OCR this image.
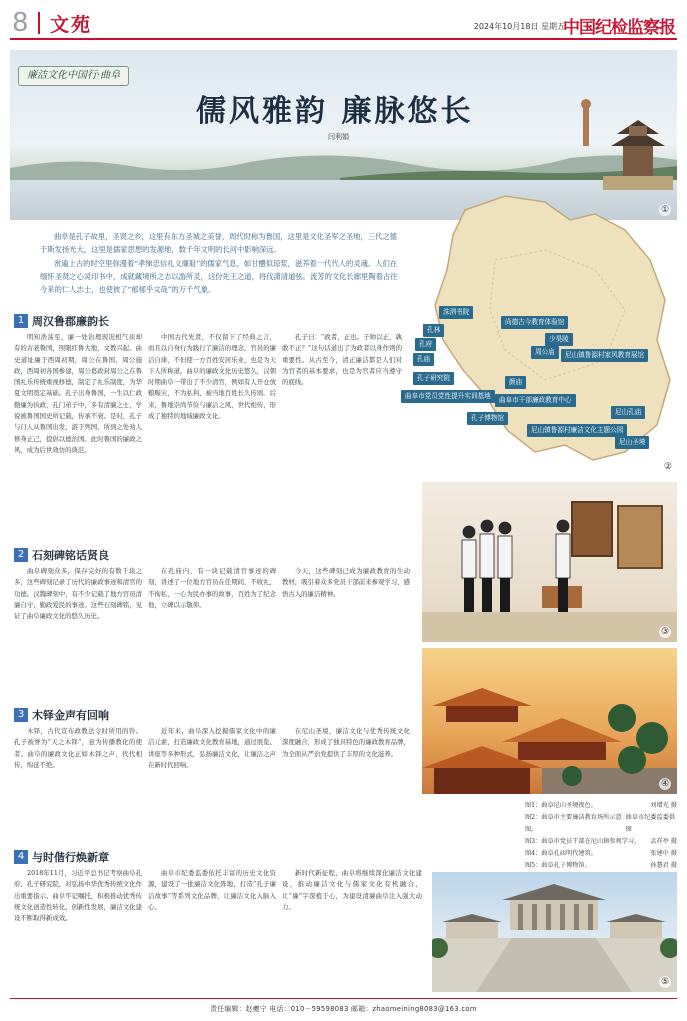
8 文苑	2024年10月18日 星期五
中国纪检监察报
廉洁文化中国行·曲阜
儒风雅韵 廉脉悠长
闫利娟
①

曲阜是孔子故里，圣贤之乡，这里有东方圣城之美誉，周代时称为鲁国，这里是文化圣军之圣地，三代之德于斯发扬光大，这里是儒家思想的发源地，数千年文明的长河中影响深远。

赏遍上古的时空里弥漫着“孝悌忠信礼义廉耻”的儒家气息，如甘醴似琼浆，滋养着一代代人的灵魂。人们在缅怀圣贤之心灵印书中，成就藏境所之志以游所灵，这份先王之道，将伐潇清道弦。流芳的文化长廊里陶着古往今来的仁人志士，也使彼了“郁郁乎文哉”的万千气象。

洙泗书院
孔林
孔府
孔庙
孔子研究院
曲阜市党员党性提升实训基地
尚德古今教育体验馆
少昊陵
周公庙	尼山镇鲁源村家风教育展馆
颜庙
曲阜市干部廉政教育中心
孔子博物馆
尼山孔庙
尼山镇鲁源村廉洁文化主题公园
尼山圣境
②
1 周汉鲁郡廉韵长

明知浩荡至，廉一处治理现况相气质却有的古老鲁国，照眼红鲁大地，文教兴起。曲史道址廉于西周初期，周公在鲁国，周公施政，西周初各国参建，周公葛政封周公之在鲁国礼乐传统重视修德，制定了礼乐制度，为华夏文明奠定基础。孔子出身鲁国，一生以仁政勤廉为执政，孔门弟子中，多有清廉之士，学说被鲁国国史所记载，传承不衰。是时，孔子与门人从鲁国出发，游于列国，所到之处劝人修身正己，提倡以德治国。此时鲁国的廉政之风，成为后世效仿的典范。

中国古代先贤，不仅留下了经典之言，而且以自身行为践行了廉洁的理念，官员的廉洁自律，不但使一方百姓安居乐业，也是为天下人所称道。曲阜的廉政文化历史悠久，汉朝时期曲阜一带出了不少清官，例如有人开仓放粮赈灾，不为私利，被当地百姓长久传颂。后来，鲁地崇尚节俭与廉洁之风，世代相传，形成了独特的地域廉政文化。

孔子曰：“政者，正也。子帅以正，孰敢不正？”这句话道出了为政者以身作则的重要性。从古至今，清正廉洁都是人们对为官者的基本要求，也是为官者应当遵守的底线。

2 石刻碑铭话贤良

曲阜碑刻众多，保存完好的有数千块之多，这些碑刻记录了历代的廉政事迹和清官的功德。汉魏碑刻中，有不少记载了地方官员清廉自守、勤政爱民的事迹。这些石刻碑铭，见证了曲阜廉政文化的悠久历史。

在孔庙内，有一块记载清官事迹的碑刻，讲述了一位地方官员在任期间，不收礼，不徇私，一心为民办事的故事，百姓为了纪念他，立碑以示敬仰。

今天，这些碑刻已成为廉政教育的生动教材，吸引着众多党员干部前来参观学习，感悟古人的廉洁精神。

3 木铎金声有回响

木铎，古代宣布政教法令时所用的铃。孔子被誉为“天之木铎”，意为传播教化的使者。曲阜的廉政文化正如木铎之声，代代相传，绵延不绝。

近年来，曲阜深入挖掘儒家文化中的廉洁元素，打造廉政文化教育基地，通过展览、讲座等多种形式，弘扬廉洁文化，让廉洁之声在新时代回响。

在尼山圣境，廉洁文化与优秀传统文化深度融合，形成了独具特色的廉政教育品牌，为全面从严治党提供了丰厚的文化滋养。

4 与时偕行焕新章

2018年11月，习近平总书记考察曲阜孔府、孔子研究院，对弘扬中华优秀传统文化作出重要指示。曲阜牢记嘱托，积极推动优秀传统文化创造性转化、创新性发展，廉洁文化建设不断取得新成效。

曲阜市纪委监委依托丰富的历史文化资源，建设了一批廉洁文化阵地，打造“孔子廉洁故事”等系列文化品牌，让廉洁文化入脑入心。

新时代新征程，曲阜将继续深化廉洁文化建设，推动廉洁文化与儒家文化有机融合，让“廉”字深植于心，为建设清廉曲阜注入强大动力。

③
④
图1：曲阜尼山圣境夜色。	刘增光 摄
图2：曲阜市主要廉洁教育场所示意图。
曲阜市纪委监委供图
图3：曲阜市党员干部在尼山镇参观学习。 孟祥亭 摄
图4：曲阜孔庙明代建筑。	张建中 摄
图5：曲阜孔子博物馆。	孙慧君 摄
⑤
责任编辑：赵夔宁 电话：010－59598083 邮箱：zhaomeining8083@163.com
